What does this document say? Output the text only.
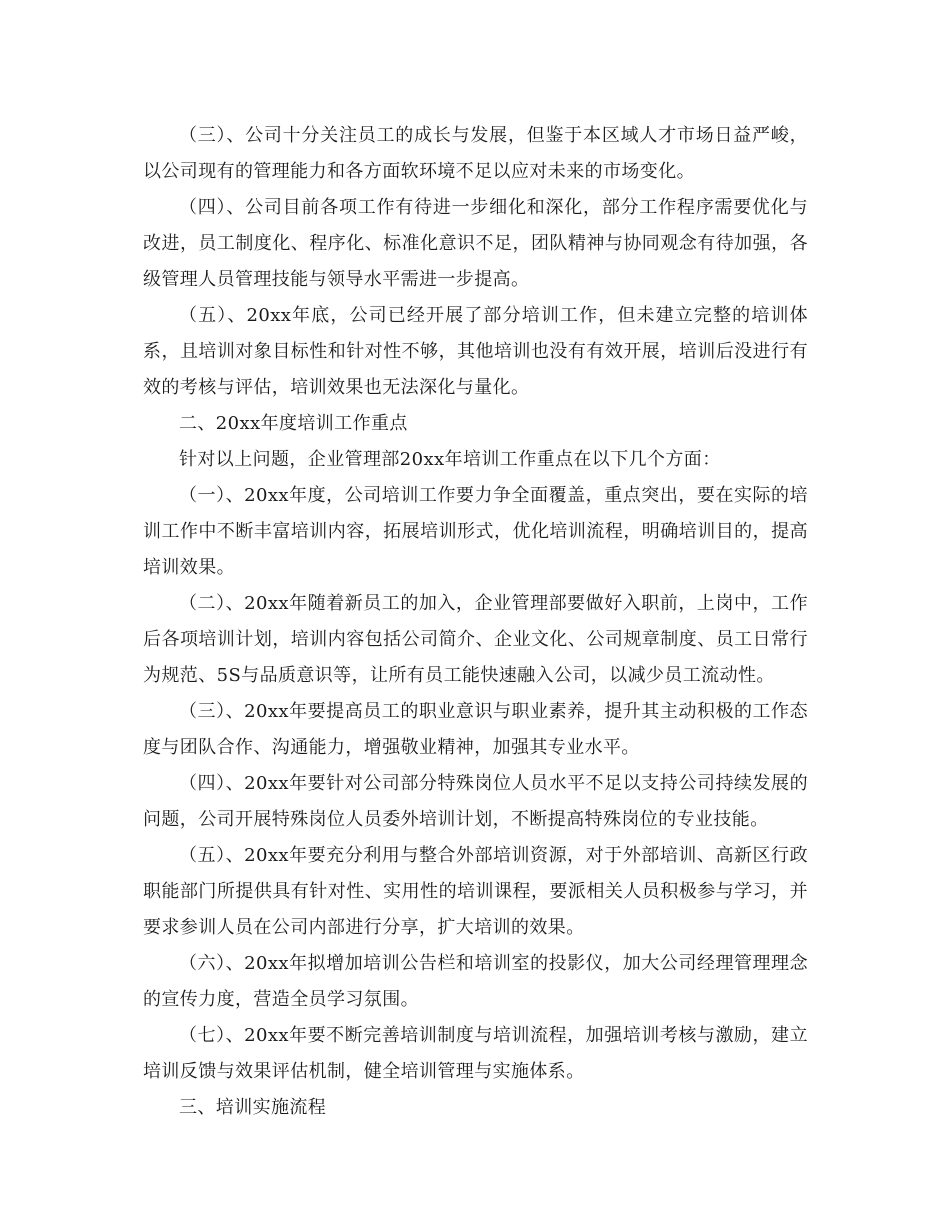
（三）、公司十分关注员工的成长与发展，但鉴于本区域人才市场日益严峻，以公司现有的管理能力和各方面软环境不足以应对未来的市场变化。

（四）、公司目前各项工作有待进一步细化和深化，部分工作程序需要优化与改进，员工制度化、程序化、标准化意识不足，团队精神与协同观念有待加强，各级管理人员管理技能与领导水平需进一步提高。

（五）、20xx年底，公司已经开展了部分培训工作，但未建立完整的培训体系，且培训对象目标性和针对性不够，其他培训也没有有效开展，培训后没进行有效的考核与评估，培训效果也无法深化与量化。

二、20xx年度培训工作重点

针对以上问题，企业管理部20xx年培训工作重点在以下几个方面：

（一）、20xx年度，公司培训工作要力争全面覆盖，重点突出，要在实际的培训工作中不断丰富培训内容，拓展培训形式，优化培训流程，明确培训目的，提高培训效果。

（二）、20xx年随着新员工的加入，企业管理部要做好入职前，上岗中，工作后各项培训计划，培训内容包括公司简介、企业文化、公司规章制度、员工日常行为规范、5S与品质意识等，让所有员工能快速融入公司，以减少员工流动性。

（三）、20xx年要提高员工的职业意识与职业素养，提升其主动积极的工作态度与团队合作、沟通能力，增强敬业精神，加强其专业水平。

（四）、20xx年要针对公司部分特殊岗位人员水平不足以支持公司持续发展的问题，公司开展特殊岗位人员委外培训计划，不断提高特殊岗位的专业技能。

（五）、20xx年要充分利用与整合外部培训资源，对于外部培训、高新区行政职能部门所提供具有针对性、实用性的培训课程，要派相关人员积极参与学习，并要求参训人员在公司内部进行分享，扩大培训的效果。

（六）、20xx年拟增加培训公告栏和培训室的投影仪，加大公司经理管理理念的宣传力度，营造全员学习氛围。

（七）、20xx年要不断完善培训制度与培训流程，加强培训考核与激励，建立培训反馈与效果评估机制，健全培训管理与实施体系。

三、培训实施流程
